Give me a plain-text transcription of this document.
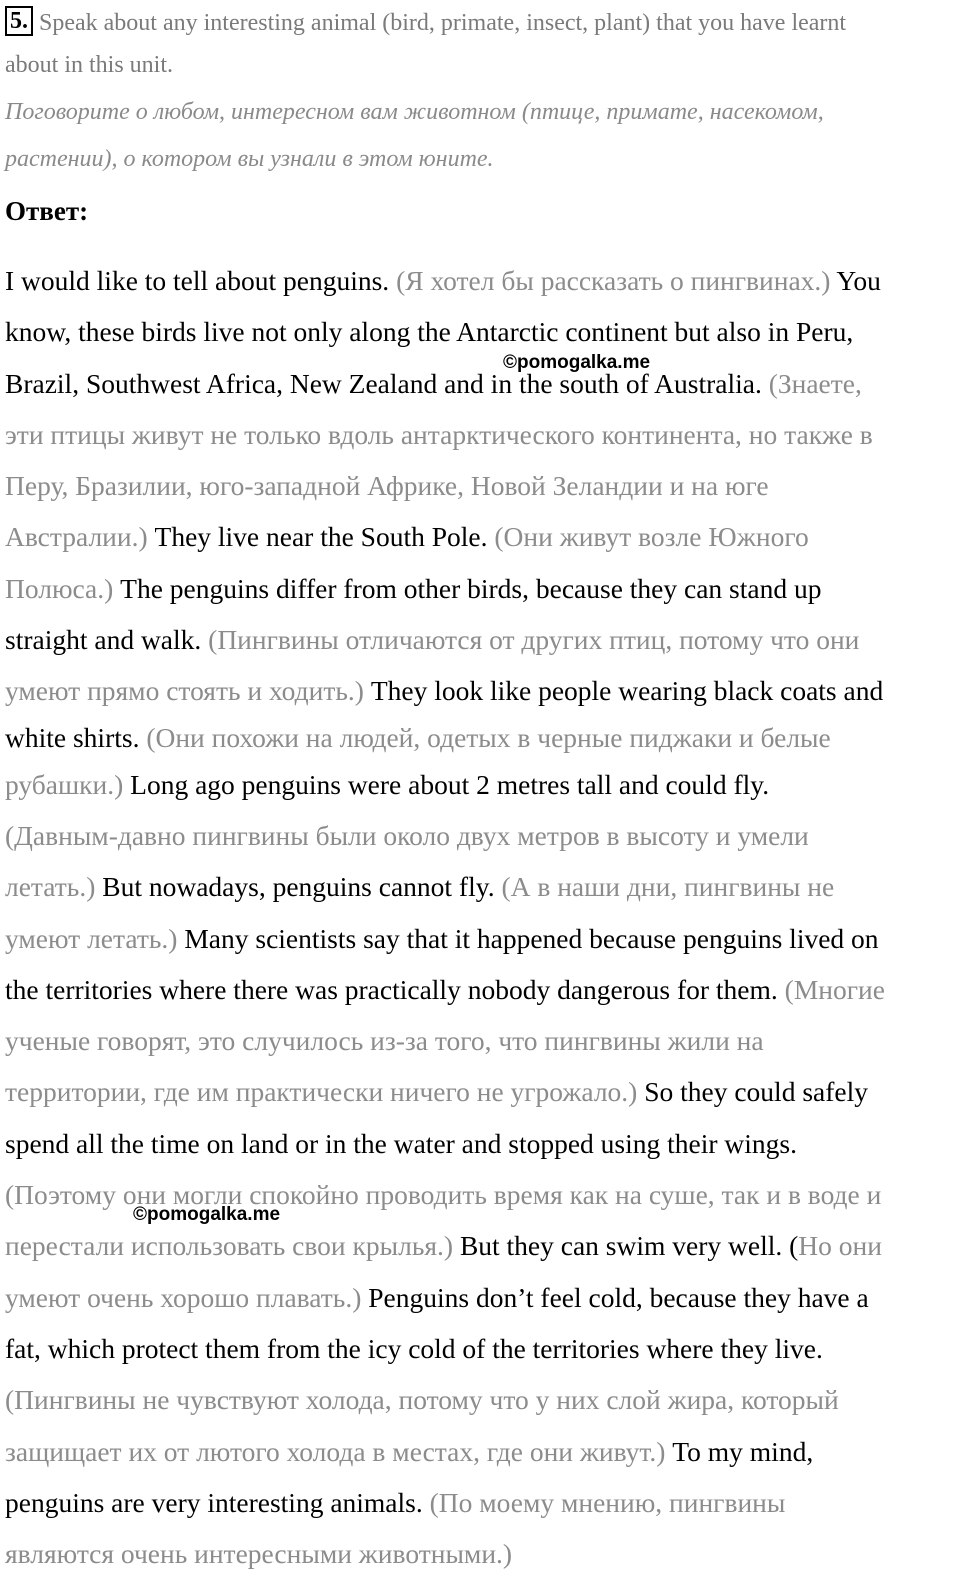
5. Speak about any interesting animal (bird, primate, insect, plant) that you have learnt
about in this unit.
Поговорите о любом, интересном вам животном (птице, примате, насекомом,
растении), о котором вы узнали в этом юните.
Ответ:
I would like to tell about penguins. (Я хотел бы рассказать о пингвинах.) You
know, these birds live not only along the Antarctic continent but also in Peru,
Brazil, Southwest Africa, New Zealand and in the south of Australia. (Знаете,
эти птицы живут не только вдоль антарктического континента, но также в
Перу, Бразилии, юго-западной Африке, Новой Зеландии и на юге
Австралии.) They live near the South Pole. (Они живут возле Южного
Полюса.) The penguins differ from other birds, because they can stand up
straight and walk. (Пингвины отличаются от других птиц, потому что они
умеют прямо стоять и ходить.) They look like people wearing black coats and
white shirts. (Они похожи на людей, одетых в черные пиджаки и белые
рубашки.) Long ago penguins were about 2 metres tall and could fly.
(Давным-давно пингвины были около двух метров в высоту и умели
летать.) But nowadays, penguins cannot fly. (А в наши дни, пингвины не
умеют летать.) Many scientists say that it happened because penguins lived on
the territories where there was practically nobody dangerous for them. (Многие
ученые говорят, это случилось из-за того, что пингвины жили на
территории, где им практически ничего не угрожало.) So they could safely
spend all the time on land or in the water and stopped using their wings.
(Поэтому они могли спокойно проводить время как на суше, так и в воде и
перестали использовать свои крылья.) But they can swim very well. (Но они
умеют очень хорошо плавать.) Penguins don’t feel cold, because they have a
fat, which protect them from the icy cold of the territories where they live.
(Пингвины не чувствуют холода, потому что у них слой жира, который
защищает их от лютого холода в местах, где они живут.) To my mind,
penguins are very interesting animals. (По моему мнению, пингвины
являются очень интересными животными.)
©pomogalka.me
©pomogalka.me
